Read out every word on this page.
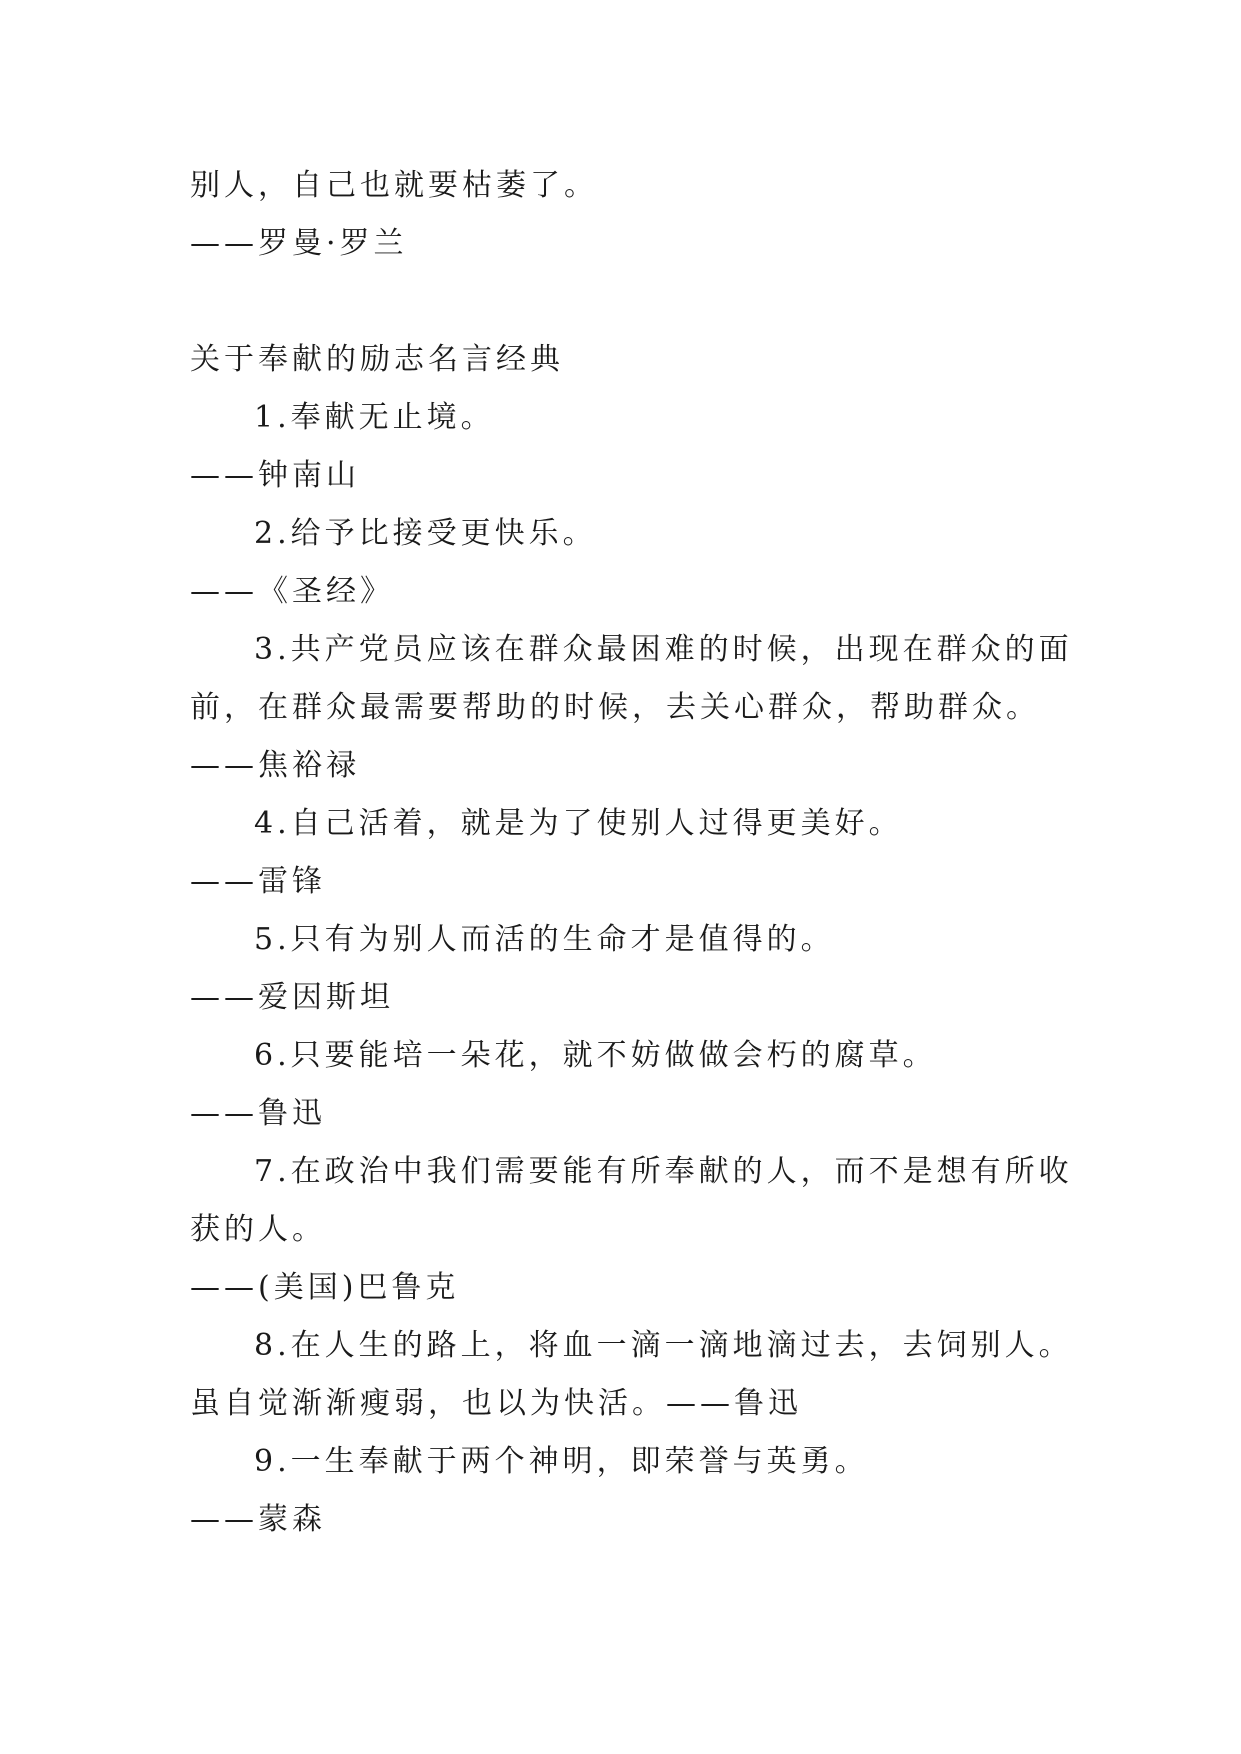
别人，自己也就要枯萎了。
——罗曼·罗兰
关于奉献的励志名言经典
1.奉献无止境。
——钟南山
2.给予比接受更快乐。
——《圣经》
3.共产党员应该在群众最困难的时候，出现在群众的面
前，在群众最需要帮助的时候，去关心群众，帮助群众。
——焦裕禄
4.自己活着，就是为了使别人过得更美好。
——雷锋
5.只有为别人而活的生命才是值得的。
——爱因斯坦
6.只要能培一朵花，就不妨做做会朽的腐草。
——鲁迅
7.在政治中我们需要能有所奉献的人，而不是想有所收
获的人。
——(美国)巴鲁克
8.在人生的路上，将血一滴一滴地滴过去，去饲别人。
虽自觉渐渐瘦弱，也以为快活。——鲁迅
9.一生奉献于两个神明，即荣誉与英勇。
——蒙森
